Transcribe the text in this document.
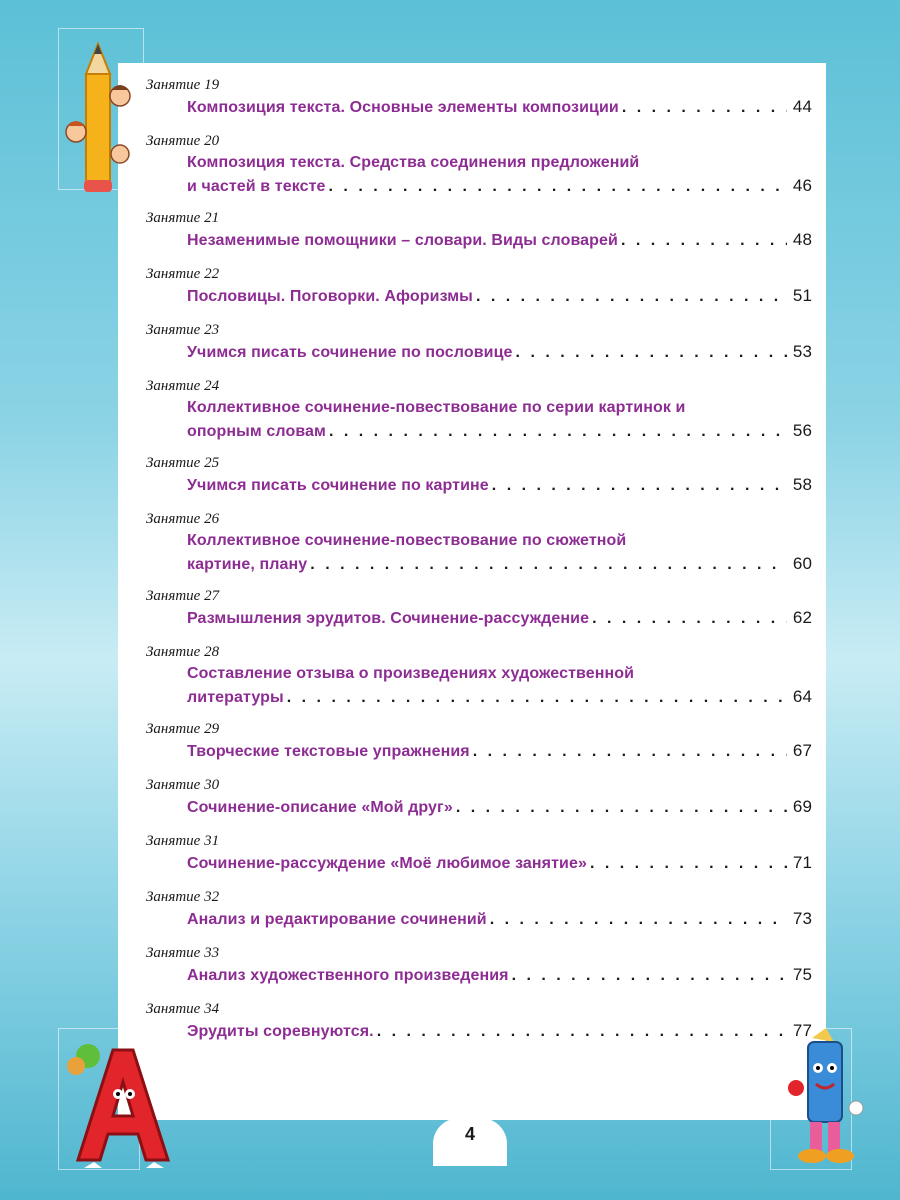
Занятие 19
Композиция текста. Основные элементы композиции . . .	44
Занятие 20
Композиция текста. Средства соединения предложений
и частей в тексте . . .	46
Занятие 21
Незаменимые помощники – словари. Виды словарей . . .	48
Занятие 22
Пословицы. Поговорки. Афоризмы . . .	51
Занятие 23
Учимся писать сочинение по пословице . . .	53
Занятие 24
Коллективное сочинение-повествование по серии картинок и
опорным словам . . .	56
Занятие 25
Учимся писать сочинение по картине . . .	58
Занятие 26
Коллективное сочинение-повествование по сюжетной
картине, плану . . .	60
Занятие 27
Размышления эрудитов. Сочинение-рассуждение . . .	62
Занятие 28
Составление отзыва о произведениях художественной
литературы . . .	64
Занятие 29
Творческие текстовые упражнения . . .	67
Занятие 30
Сочинение-описание «Мой друг» . . .	69
Занятие 31
Сочинение-рассуждение «Моё любимое занятие» . . .	71
Занятие 32
Анализ и редактирование сочинений . . .	73
Занятие 33
Анализ художественного произведения . . .	75
Занятие 34
Эрудиты соревнуются. . . .	77
4
